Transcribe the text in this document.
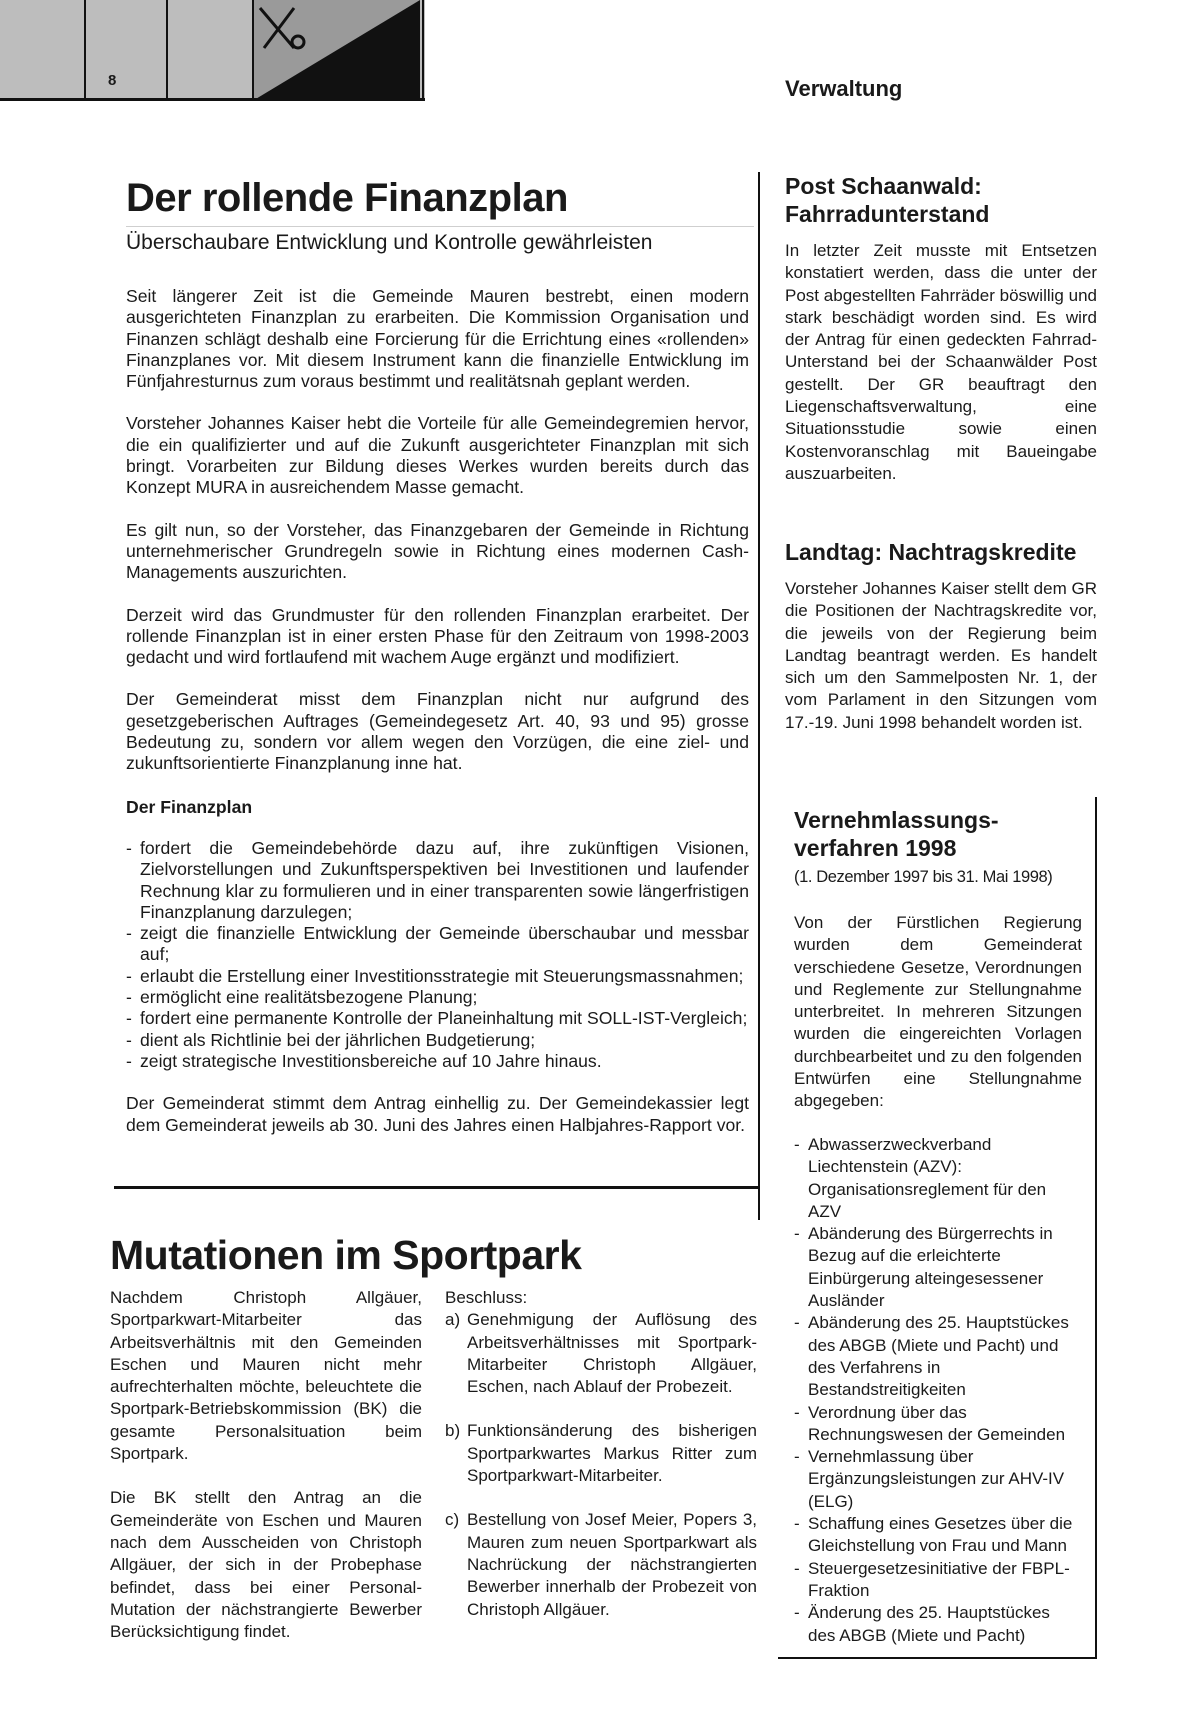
8	Verwaltung
Der rollende Finanzplan
Überschaubare Entwicklung und Kontrolle gewährleisten

Seit längerer Zeit ist die Gemeinde Mauren bestrebt, einen modern ausgerichteten Finanzplan zu erarbeiten. Die Kommission Organisation und Finanzen schlägt deshalb eine Forcierung für die Errichtung eines «rollenden» Finanzplanes vor. Mit diesem Instrument kann die finanzielle Entwicklung im Fünfjahresturnus zum voraus bestimmt und realitätsnah geplant werden.

Vorsteher Johannes Kaiser hebt die Vorteile für alle Gemeindegremien hervor, die ein qualifizierter und auf die Zukunft ausgerichteter Finanzplan mit sich bringt. Vorarbeiten zur Bildung dieses Werkes wurden bereits durch das Konzept MURA in ausreichendem Masse gemacht.

Es gilt nun, so der Vorsteher, das Finanzgebaren der Gemeinde in Richtung unternehmerischer Grundregeln sowie in Richtung eines modernen Cash-Managements auszurichten.

Derzeit wird das Grundmuster für den rollenden Finanzplan erarbeitet. Der rollende Finanzplan ist in einer ersten Phase für den Zeitraum von 1998-2003 gedacht und wird fortlaufend mit wachem Auge ergänzt und modifiziert.

Der Gemeinderat misst dem Finanzplan nicht nur aufgrund des gesetzgeberischen Auftrages (Gemeindegesetz Art. 40, 93 und 95) grosse Bedeutung zu, sondern vor allem wegen den Vorzügen, die eine ziel- und zukunftsorientierte Finanzplanung inne hat.

Der Finanzplan

- fordert die Gemeindebehörde dazu auf, ihre zukünftigen Visionen, Zielvorstellungen und Zukunftsperspektiven bei Investitionen und laufender Rechnung klar zu formulieren und in einer transparenten sowie längerfristigen Finanzplanung darzulegen;
- zeigt die finanzielle Entwicklung der Gemeinde überschaubar und messbar auf;
- erlaubt die Erstellung einer Investitionsstrategie mit Steuerungsmassnahmen;
- ermöglicht eine realitätsbezogene Planung;
- fordert eine permanente Kontrolle der Planeinhaltung mit SOLL-IST-Vergleich;
- dient als Richtlinie bei der jährlichen Budgetierung;
- zeigt strategische Investitionsbereiche auf 10 Jahre hinaus.

Der Gemeinderat stimmt dem Antrag einhellig zu. Der Gemeindekassier legt dem Gemeinderat jeweils ab 30. Juni des Jahres einen Halbjahres-Rapport vor.

Mutationen im Sportpark

Nachdem Christoph Allgäuer, Sportparkwart-Mitarbeiter das Arbeitsverhältnis mit den Gemeinden Eschen und Mauren nicht mehr aufrechterhalten möchte, beleuchtete die Sportpark-Betriebskommission (BK) die gesamte Personalsituation beim Sportpark.

Die BK stellt den Antrag an die Gemeinderäte von Eschen und Mauren nach dem Ausscheiden von Christoph Allgäuer, der sich in der Probephase befindet, dass bei einer Personal-Mutation der nächstrangierte Bewerber Berücksichtigung findet.

Beschluss:

a) Genehmigung der Auflösung des Arbeitsverhältnisses mit Sportpark-Mitarbeiter Christoph Allgäuer, Eschen, nach Ablauf der Probezeit.
b) Funktionsänderung des bisherigen Sportparkwartes Markus Ritter zum Sportparkwart-Mitarbeiter.
c) Bestellung von Josef Meier, Popers 3, Mauren zum neuen Sportparkwart als Nachrückung der nächstrangierten Bewerber innerhalb der Probezeit von Christoph Allgäuer.
Post Schaanwald:
Fahrradunterstand
In letzter Zeit musste mit Entsetzen konstatiert werden, dass die unter der Post abgestellten Fahrräder böswillig und stark beschädigt worden sind. Es wird der Antrag für einen gedeckten Fahrrad-Unterstand bei der Schaanwälder Post gestellt. Der GR beauftragt den Liegenschaftsverwaltung, eine Situationsstudie sowie einen Kostenvoranschlag mit Baueingabe auszuarbeiten.
Landtag: Nachtragskredite
Vorsteher Johannes Kaiser stellt dem GR die Positionen der Nachtragskredite vor, die jeweils von der Regierung beim Landtag beantragt werden. Es handelt sich um den Sammelposten Nr. 1, der vom Parlament in den Sitzungen vom 17.-19. Juni 1998 behandelt worden ist.
Vernehmlassungs-
verfahren 1998
(1. Dezember 1997 bis 31. Mai 1998)
Von der Fürstlichen Regierung wurden dem Gemeinderat verschiedene Gesetze, Verordnungen und Reglemente zur Stellungnahme unterbreitet. In mehreren Sitzungen wurden die eingereichten Vorlagen durchbearbeitet und zu den folgenden Entwürfen eine Stellungnahme abgegeben:
- Abwasserzweckverband Liechtenstein (AZV): Organisationsreglement für den AZV
- Abänderung des Bürgerrechts in Bezug auf die erleichterte Einbürgerung alteingesessener Ausländer
- Abänderung des 25. Hauptstückes des ABGB (Miete und Pacht) und des Verfahrens in Bestandstreitigkeiten
- Verordnung über das Rechnungswesen der Gemeinden
- Vernehmlassung über Ergänzungsleistungen zur AHV-IV (ELG)
- Schaffung eines Gesetzes über die Gleichstellung von Frau und Mann
- Steuergesetzesinitiative der FBPL-Fraktion
- Änderung des 25. Hauptstückes des ABGB (Miete und Pacht)
